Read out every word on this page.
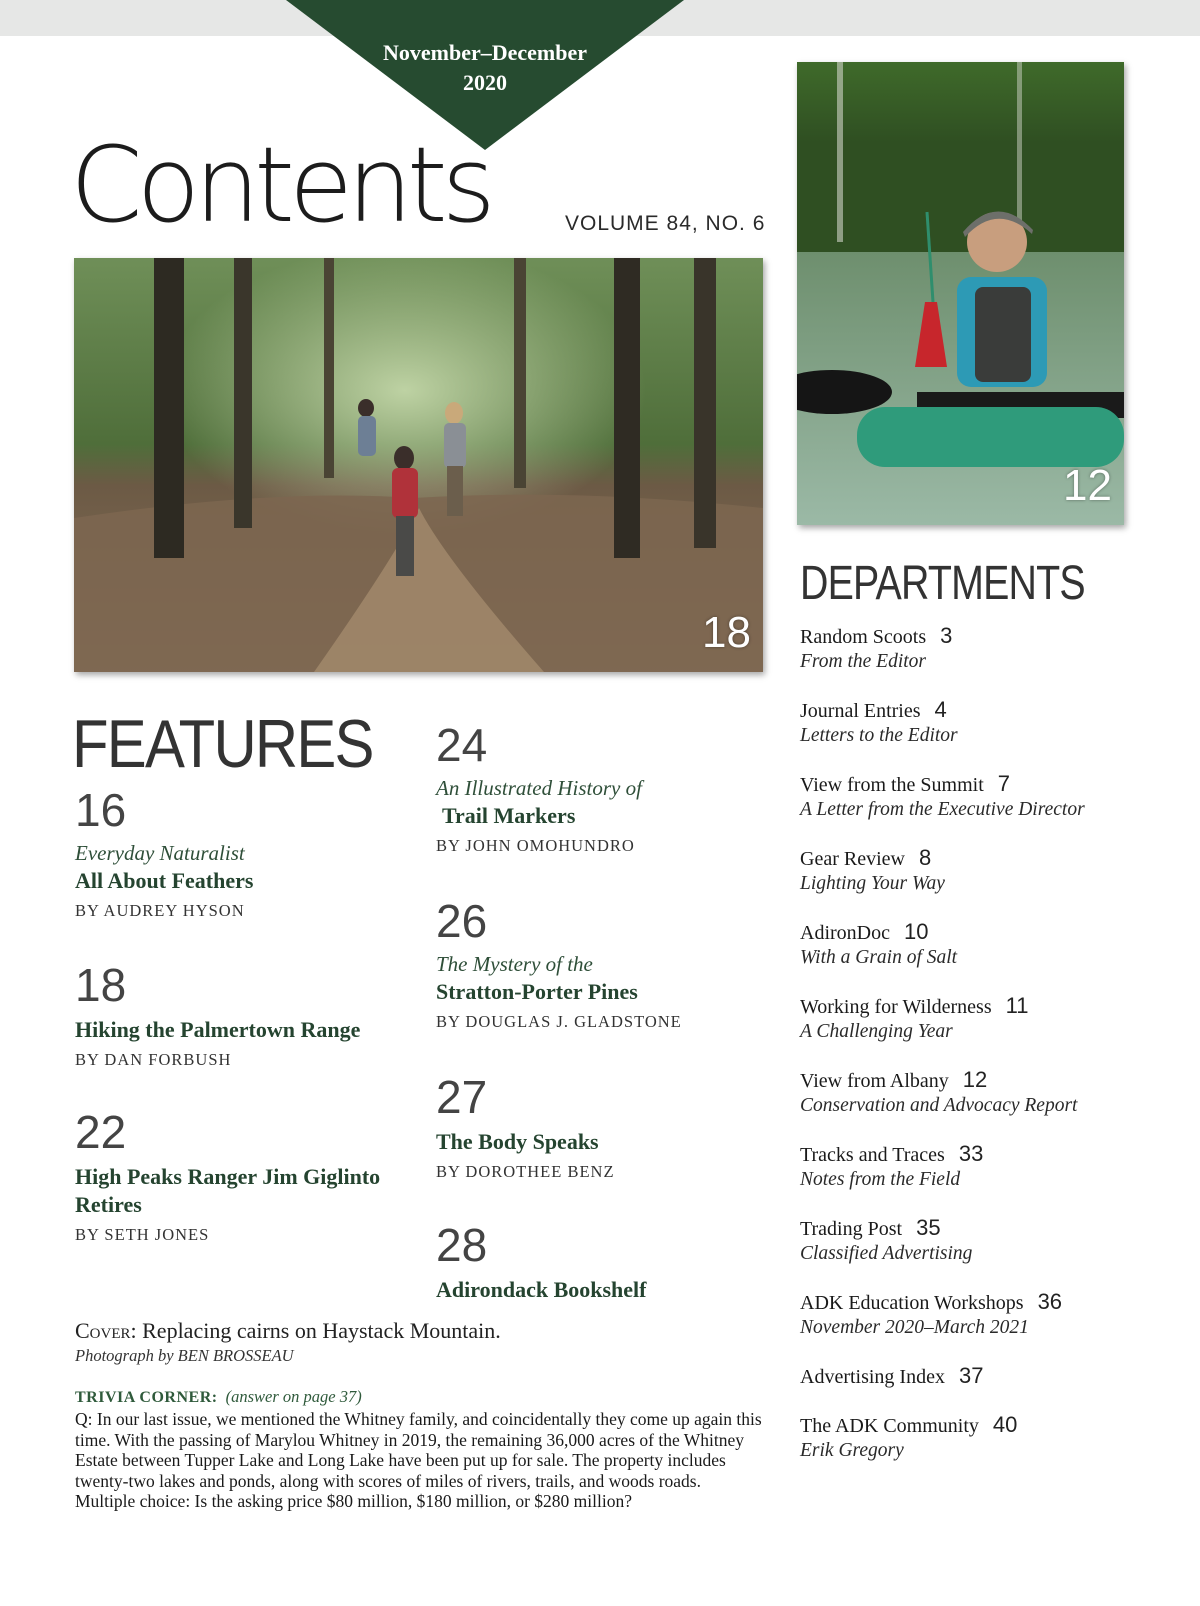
November–December
2020
Contents	VOLUME 84, NO. 6
18
12
DEPARTMENTS
FEATURES
16
Everyday Naturalist
All About Feathers
BY AUDREY HYSON
18
Hiking the Palmertown Range
BY DAN FORBUSH
22
High Peaks Ranger Jim Giglinto Retires
BY SETH JONES
24
An Illustrated History of
Trail Markers
BY JOHN OMOHUNDRO
26
The Mystery of the
Stratton-Porter Pines
BY DOUGLAS J. GLADSTONE
27
The Body Speaks
BY DOROTHEE BENZ
28
Adirondack Bookshelf
Random Scoots 3
From the Editor
Journal Entries 4
Letters to the Editor
View from the Summit 7
A Letter from the Executive Director
Gear Review 8
Lighting Your Way
AdironDoc 10
With a Grain of Salt
Working for Wilderness 11
A Challenging Year
View from Albany 12
Conservation and Advocacy Report
Tracks and Traces 33
Notes from the Field
Trading Post 35
Classified Advertising
ADK Education Workshops 36
November 2020–March 2021
Advertising Index 37
The ADK Community 40
Erik Gregory
Cover: Replacing cairns on Haystack Mountain.
Photograph by BEN BROSSEAU
TRIVIA CORNER: (answer on page 37)
Q: In our last issue, we mentioned the Whitney family, and coincidentally they come up again this time. With the passing of Marylou Whitney in 2019, the remaining 36,000 acres of the Whitney Estate between Tupper Lake and Long Lake have been put up for sale. The property includes twenty-two lakes and ponds, along with scores of miles of rivers, trails, and woods roads. Multiple choice: Is the asking price $80 million, $180 million, or $280 million?
